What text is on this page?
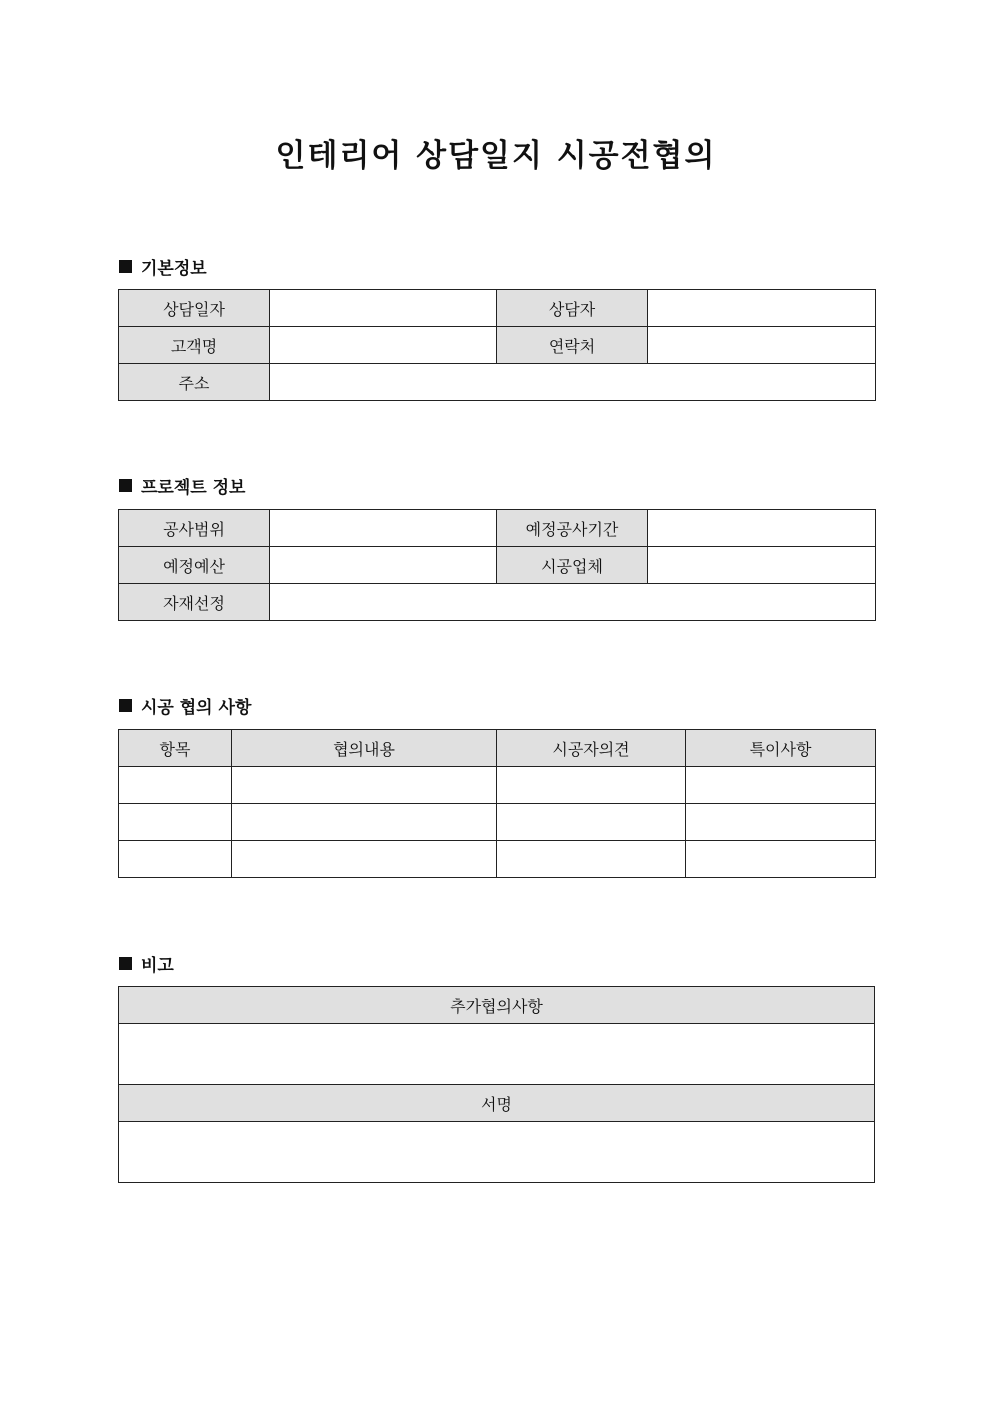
인테리어 상담일지 시공전협의
기본정보
상담일자		상담자	
고객명		연락처	
주소			
프로젝트 정보
공사범위		예정공사기간	
예정예산		시공업체	
자재선정			
시공 협의 사항
항목	협의내용	시공자의견	특이사항

비고
추가협의사항

서명
